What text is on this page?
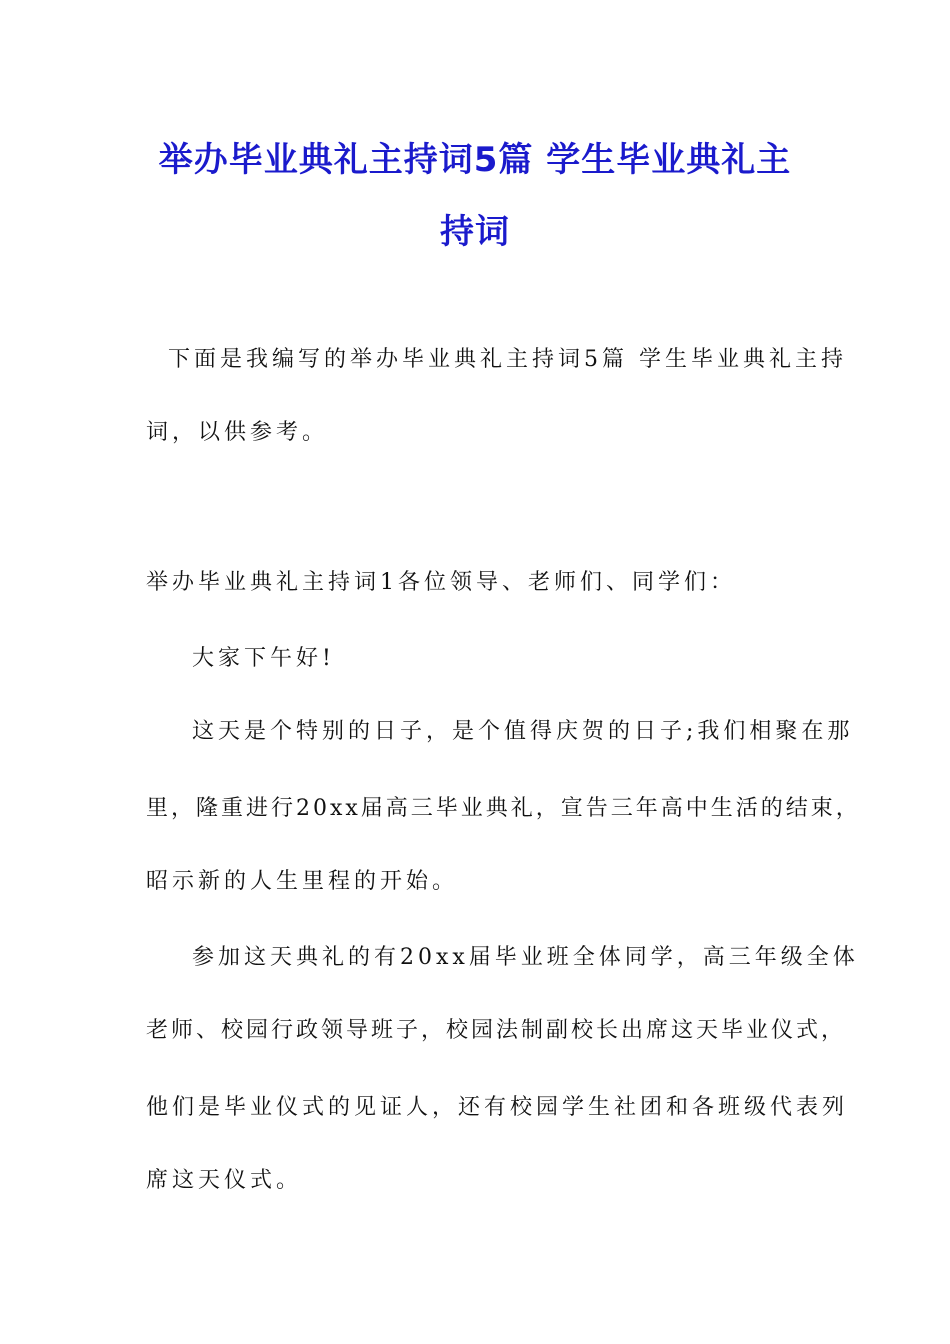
举办毕业典礼主持词5篇 学生毕业典礼主
持词
下面是我编写的举办毕业典礼主持词5篇 学生毕业典礼主持
词，以供参考。
举办毕业典礼主持词1各位领导、老师们、同学们：
大家下午好!
这天是个特别的日子，是个值得庆贺的日子;我们相聚在那
里，隆重进行20xx届高三毕业典礼，宣告三年高中生活的结束，
昭示新的人生里程的开始。
参加这天典礼的有20xx届毕业班全体同学，高三年级全体
老师、校园行政领导班子，校园法制副校长出席这天毕业仪式，
他们是毕业仪式的见证人，还有校园学生社团和各班级代表列
席这天仪式。
